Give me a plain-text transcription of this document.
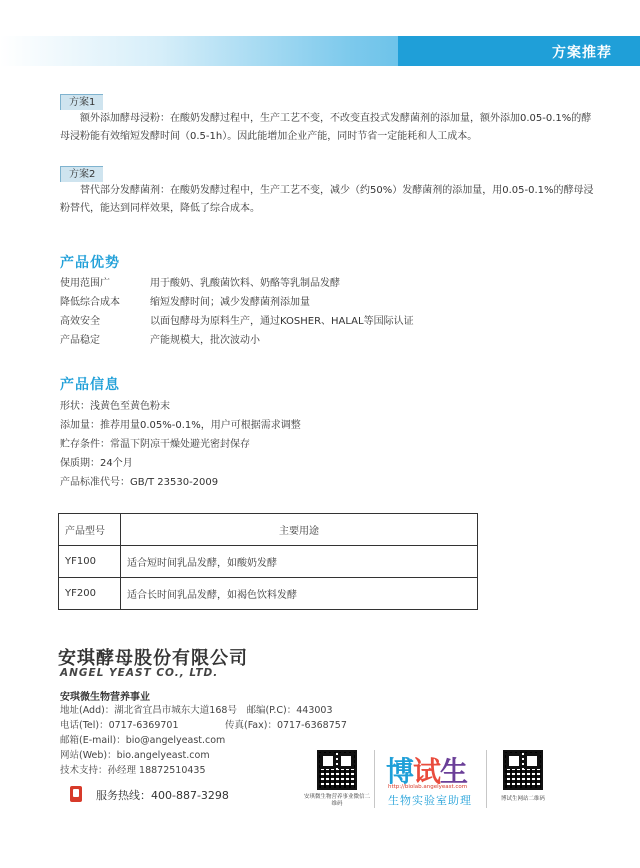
方案推荐
方案1
额外添加酵母浸粉：在酸奶发酵过程中，生产工艺不变，不改变直投式发酵菌剂的添加量，额外添加0.05-0.1%的酵母浸粉能有效缩短发酵时间（0.5-1h）。因此能增加企业产能，同时节省一定能耗和人工成本。
方案2
替代部分发酵菌剂：在酸奶发酵过程中，生产工艺不变，减少（约50%）发酵菌剂的添加量，用0.05-0.1%的酵母浸粉替代，能达到同样效果，降低了综合成本。
产品优势
使用范围广	用于酸奶、乳酸菌饮料、奶酪等乳制品发酵
降低综合成本	缩短发酵时间；减少发酵菌剂添加量
高效安全	以面包酵母为原料生产，通过KOSHER、HALAL等国际认证
产品稳定	产能规模大，批次波动小
产品信息
形状：浅黄色至黄色粉末
添加量：推荐用量0.05%-0.1%，用户可根据需求调整
贮存条件：常温下阴凉干燥处避光密封保存
保质期：24个月
产品标准代号：GB/T 23530-2009
产品型号	主要用途
YF100	适合短时间乳品发酵，如酸奶发酵
YF200	适合长时间乳品发酵，如褐色饮料发酵
安琪酵母股份有限公司
ANGEL YEAST CO., LTD.
安琪微生物营养事业
地址(Add)：湖北省宜昌市城东大道168号　邮编(P.C)：443003
电话(Tel)：0717-6369701	传真(Fax)：0717-6368757
邮箱(E-mail)：bio@angelyeast.com
网站(Web)：bio.angelyeast.com
技术支持：孙经理 18872510435
服务热线：400-887-3298	安琪微生物营养事业微信二维码
博试生
http://biolab.angelyeast.com
生物实验室助理	博试生网站二维码
